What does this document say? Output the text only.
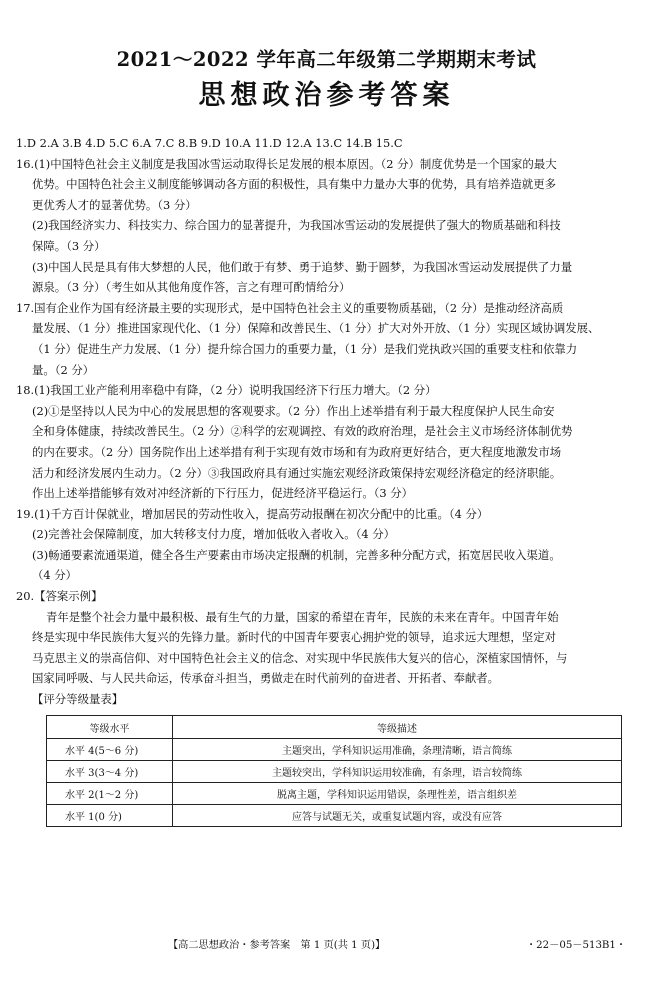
2021～2022 学年高二年级第二学期期末考试
思想政治参考答案
1.D 2.A 3.B 4.D 5.C 6.A 7.C 8.B 9.D 10.A 11.D 12.A 13.C 14.B 15.C
16.(1)中国特色社会主义制度是我国冰雪运动取得长足发展的根本原因。（2 分）制度优势是一个国家的最大
优势。中国特色社会主义制度能够调动各方面的积极性，具有集中力量办大事的优势，具有培养造就更多
更优秀人才的显著优势。（3 分）
(2)我国经济实力、科技实力、综合国力的显著提升，为我国冰雪运动的发展提供了强大的物质基础和科技
保障。（3 分）
(3)中国人民是具有伟大梦想的人民，他们敢于有梦、勇于追梦、勤于圆梦，为我国冰雪运动发展提供了力量
源泉。（3 分）（考生如从其他角度作答，言之有理可酌情给分）
17.国有企业作为国有经济最主要的实现形式，是中国特色社会主义的重要物质基础，（2 分）是推动经济高质
量发展、（1 分）推进国家现代化、（1 分）保障和改善民生、（1 分）扩大对外开放、（1 分）实现区域协调发展、
（1 分）促进生产力发展、（1 分）提升综合国力的重要力量，（1 分）是我们党执政兴国的重要支柱和依靠力
量。（2 分）
18.(1)我国工业产能利用率稳中有降，（2 分）说明我国经济下行压力增大。（2 分）
(2)①是坚持以人民为中心的发展思想的客观要求。（2 分）作出上述举措有利于最大程度保护人民生命安
全和身体健康，持续改善民生。（2 分）②科学的宏观调控、有效的政府治理，是社会主义市场经济体制优势
的内在要求。（2 分）国务院作出上述举措有利于实现有效市场和有为政府更好结合，更大程度地激发市场
活力和经济发展内生动力。（2 分）③我国政府具有通过实施宏观经济政策保持宏观经济稳定的经济职能。
作出上述举措能够有效对冲经济新的下行压力，促进经济平稳运行。（3 分）
19.(1)千方百计保就业，增加居民的劳动性收入，提高劳动报酬在初次分配中的比重。（4 分）
(2)完善社会保障制度，加大转移支付力度，增加低收入者收入。（4 分）
(3)畅通要素流通渠道，健全各生产要素由市场决定报酬的机制，完善多种分配方式，拓宽居民收入渠道。
（4 分）
20.【答案示例】
青年是整个社会力量中最积极、最有生气的力量，国家的希望在青年，民族的未来在青年。中国青年始
终是实现中华民族伟大复兴的先锋力量。新时代的中国青年要衷心拥护党的领导，追求远大理想，坚定对
马克思主义的崇高信仰、对中国特色社会主义的信念、对实现中华民族伟大复兴的信心，深植家国情怀，与
国家同呼吸、与人民共命运，传承奋斗担当，勇做走在时代前列的奋进者、开拓者、奉献者。
【评分等级量表】
等级水平	等级描述
水平 4(5～6 分)	主题突出，学科知识运用准确，条理清晰，语言简练
水平 3(3～4 分)	主题较突出，学科知识运用较准确，有条理，语言较简练
水平 2(1～2 分)	脱离主题，学科知识运用错误，条理性差，语言组织差
水平 1(0 分)	应答与试题无关，或重复试题内容，或没有应答
【高二思想政治・参考答案　第 1 页(共 1 页)】	・22－05－513B1・
